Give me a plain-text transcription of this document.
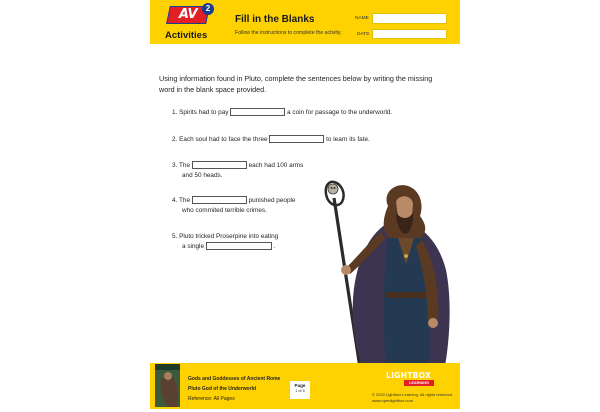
AV	2
Activities
Fill in the Blanks
Follow the instructions to complete the activity.
NAME
DATE
Using information found in Pluto, complete the sentences below by writing the missing word in the blank space provided.
1. Spirits had to pay	a coin for passage to the underworld.
2. Each soul had to face the three	to learn its fate.
3. The	each had 100 arms
and 50 heads.
4. The	punished people
who commited terrible crimes.
5. Pluto tricked Proserpine into eating
a single	.
Gods and Goddesses of Ancient Rome
Pluto God of the Underworld
Reference: All Pages
Page
1 of 5
LIGHTBOX
LEARNING
© 2022 Lightbox Learning. All rights reserved.
www.openlightbox.com
